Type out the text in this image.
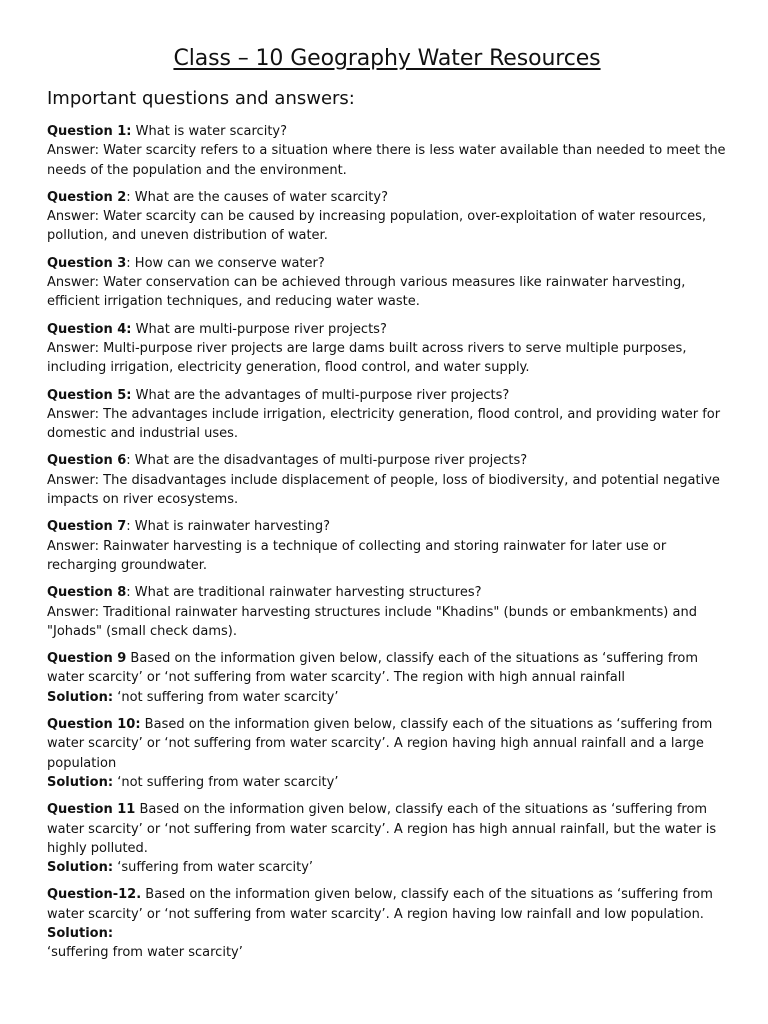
Class – 10 Geography Water Resources
Important questions and answers:
Question 1: What is water scarcity?
Answer: Water scarcity refers to a situation where there is less water available than needed to meet the needs of the population and the environment.
Question 2: What are the causes of water scarcity?
Answer: Water scarcity can be caused by increasing population, over-exploitation of water resources, pollution, and uneven distribution of water.
Question 3: How can we conserve water?
Answer: Water conservation can be achieved through various measures like rainwater harvesting, efficient irrigation techniques, and reducing water waste.
Question 4: What are multi-purpose river projects?
Answer: Multi-purpose river projects are large dams built across rivers to serve multiple purposes, including irrigation, electricity generation, flood control, and water supply.
Question 5: What are the advantages of multi-purpose river projects?
Answer: The advantages include irrigation, electricity generation, flood control, and providing water for domestic and industrial uses.
Question 6: What are the disadvantages of multi-purpose river projects?
Answer: The disadvantages include displacement of people, loss of biodiversity, and potential negative impacts on river ecosystems.
Question 7: What is rainwater harvesting?
Answer: Rainwater harvesting is a technique of collecting and storing rainwater for later use or recharging groundwater.
Question 8: What are traditional rainwater harvesting structures?
Answer: Traditional rainwater harvesting structures include "Khadins" (bunds or embankments) and "Johads" (small check dams).
Question 9 Based on the information given below, classify each of the situations as ‘suffering from water scarcity’ or ‘not suffering from water scarcity’. The region with high annual rainfall
Solution: ‘not suffering from water scarcity’
Question 10: Based on the information given below, classify each of the situations as ‘suffering from water scarcity’ or ‘not suffering from water scarcity’. A region having high annual rainfall and a large population
Solution: ‘not suffering from water scarcity’
Question 11 Based on the information given below, classify each of the situations as ‘suffering from water scarcity’ or ‘not suffering from water scarcity’. A region has high annual rainfall, but the water is highly polluted.
Solution: ‘suffering from water scarcity’
Question-12. Based on the information given below, classify each of the situations as ‘suffering from water scarcity’ or ‘not suffering from water scarcity’. A region having low rainfall and low population.
Solution:
‘suffering from water scarcity’
